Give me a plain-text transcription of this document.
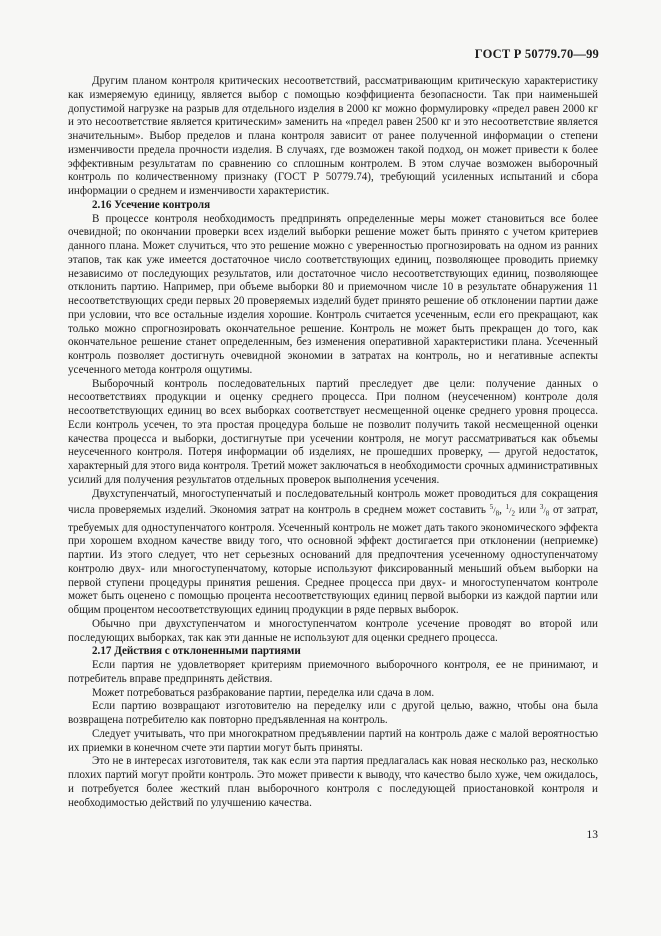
ГОСТ Р 50779.70—99

Другим планом контроля критических несоответствий, рассматривающим критическую характеристику как измеряемую единицу, является выбор с помощью коэффициента безопасности. Так при наименьшей допустимой нагрузке на разрыв для отдельного изделия в 2000 кг можно формулировку «предел равен 2000 кг и это несоответствие является критическим» заменить на «предел равен 2500 кг и это несоответствие является значительным». Выбор пределов и плана контроля зависит от ранее полученной информации о степени изменчивости предела прочности изделия. В случаях, где возможен такой подход, он может привести к более эффективным результатам по сравнению со сплошным контролем. В этом случае возможен выборочный контроль по количественному признаку (ГОСТ Р 50779.74), требующий усиленных испытаний и сбора информации о среднем и изменчивости характеристик.

2.16 Усечение контроля

В процессе контроля необходимость предпринять определенные меры может становиться все более очевидной; по окончании проверки всех изделий выборки решение может быть принято с учетом критериев данного плана. Может случиться, что это решение можно с уверенностью прогнозировать на одном из ранних этапов, так как уже имеется достаточное число соответствующих единиц, позволяющее проводить приемку независимо от последующих результатов, или достаточное число несоответствующих единиц, позволяющее отклонить партию. Например, при объеме выборки 80 и приемочном числе 10 в результате обнаружения 11 несоответствующих среди первых 20 проверяемых изделий будет принято решение об отклонении партии даже при условии, что все остальные изделия хорошие. Контроль считается усеченным, если его прекращают, как только можно спрогнозировать окончательное решение. Контроль не может быть прекращен до того, как окончательное решение станет определенным, без изменения оперативной характеристики плана. Усеченный контроль позволяет достигнуть очевидной экономии в затратах на контроль, но и негативные аспекты усеченного метода контроля ощутимы.

Выборочный контроль последовательных партий преследует две цели: получение данных о несоответствиях продукции и оценку среднего процесса. При полном (неусеченном) контроле доля несоответствующих единиц во всех выборках соответствует несмещенной оценке среднего уровня процесса. Если контроль усечен, то эта простая процедура больше не позволит получить такой несмещенной оценки качества процесса и выборки, достигнутые при усечении контроля, не могут рассматриваться как объемы неусеченного контроля. Потеря информации об изделиях, не прошедших проверку, — другой недостаток, характерный для этого вида контроля. Третий может заключаться в необходимости срочных административных усилий для получения результатов отдельных проверок выполнения усечения.

Двухступенчатый, многоступенчатый и последовательный контроль может проводиться для сокращения числа проверяемых изделий. Экономия затрат на контроль в среднем может составить $^5/_8$, $^1/_2$ или $^3/_8$ от затрат, требуемых для одноступенчатого контроля. Усеченный контроль не может дать такого экономического эффекта при хорошем входном качестве ввиду того, что основной эффект достигается при отклонении (неприемке) партии. Из этого следует, что нет серьезных оснований для предпочтения усеченному одноступенчатому контролю двух- или многоступенчатому, которые используют фиксированный меньший объем выборки на первой ступени процедуры принятия решения. Среднее процесса при двух- и многоступенчатом контроле может быть оценено с помощью процента несоответствующих единиц первой выборки из каждой партии или общим процентом несоответствующих единиц продукции в ряде первых выборок.

Обычно при двухступенчатом и многоступенчатом контроле усечение проводят во второй или последующих выборках, так как эти данные не используют для оценки среднего процесса.

2.17 Действия с отклоненными партиями

Если партия не удовлетворяет критериям приемочного выборочного контроля, ее не принимают, и потребитель вправе предпринять действия.

Может потребоваться разбракование партии, переделка или сдача в лом.

Если партию возвращают изготовителю на переделку или с другой целью, важно, чтобы она была возвращена потребителю как повторно предъявленная на контроль.

Следует учитывать, что при многократном предъявлении партий на контроль даже с малой вероятностью их приемки в конечном счете эти партии могут быть приняты.

Это не в интересах изготовителя, так как если эта партия предлагалась как новая несколько раз, несколько плохих партий могут пройти контроль. Это может привести к выводу, что качество было хуже, чем ожидалось, и потребуется более жесткий план выборочного контроля с последующей приостановкой контроля и необходимостью действий по улучшению качества.

13
